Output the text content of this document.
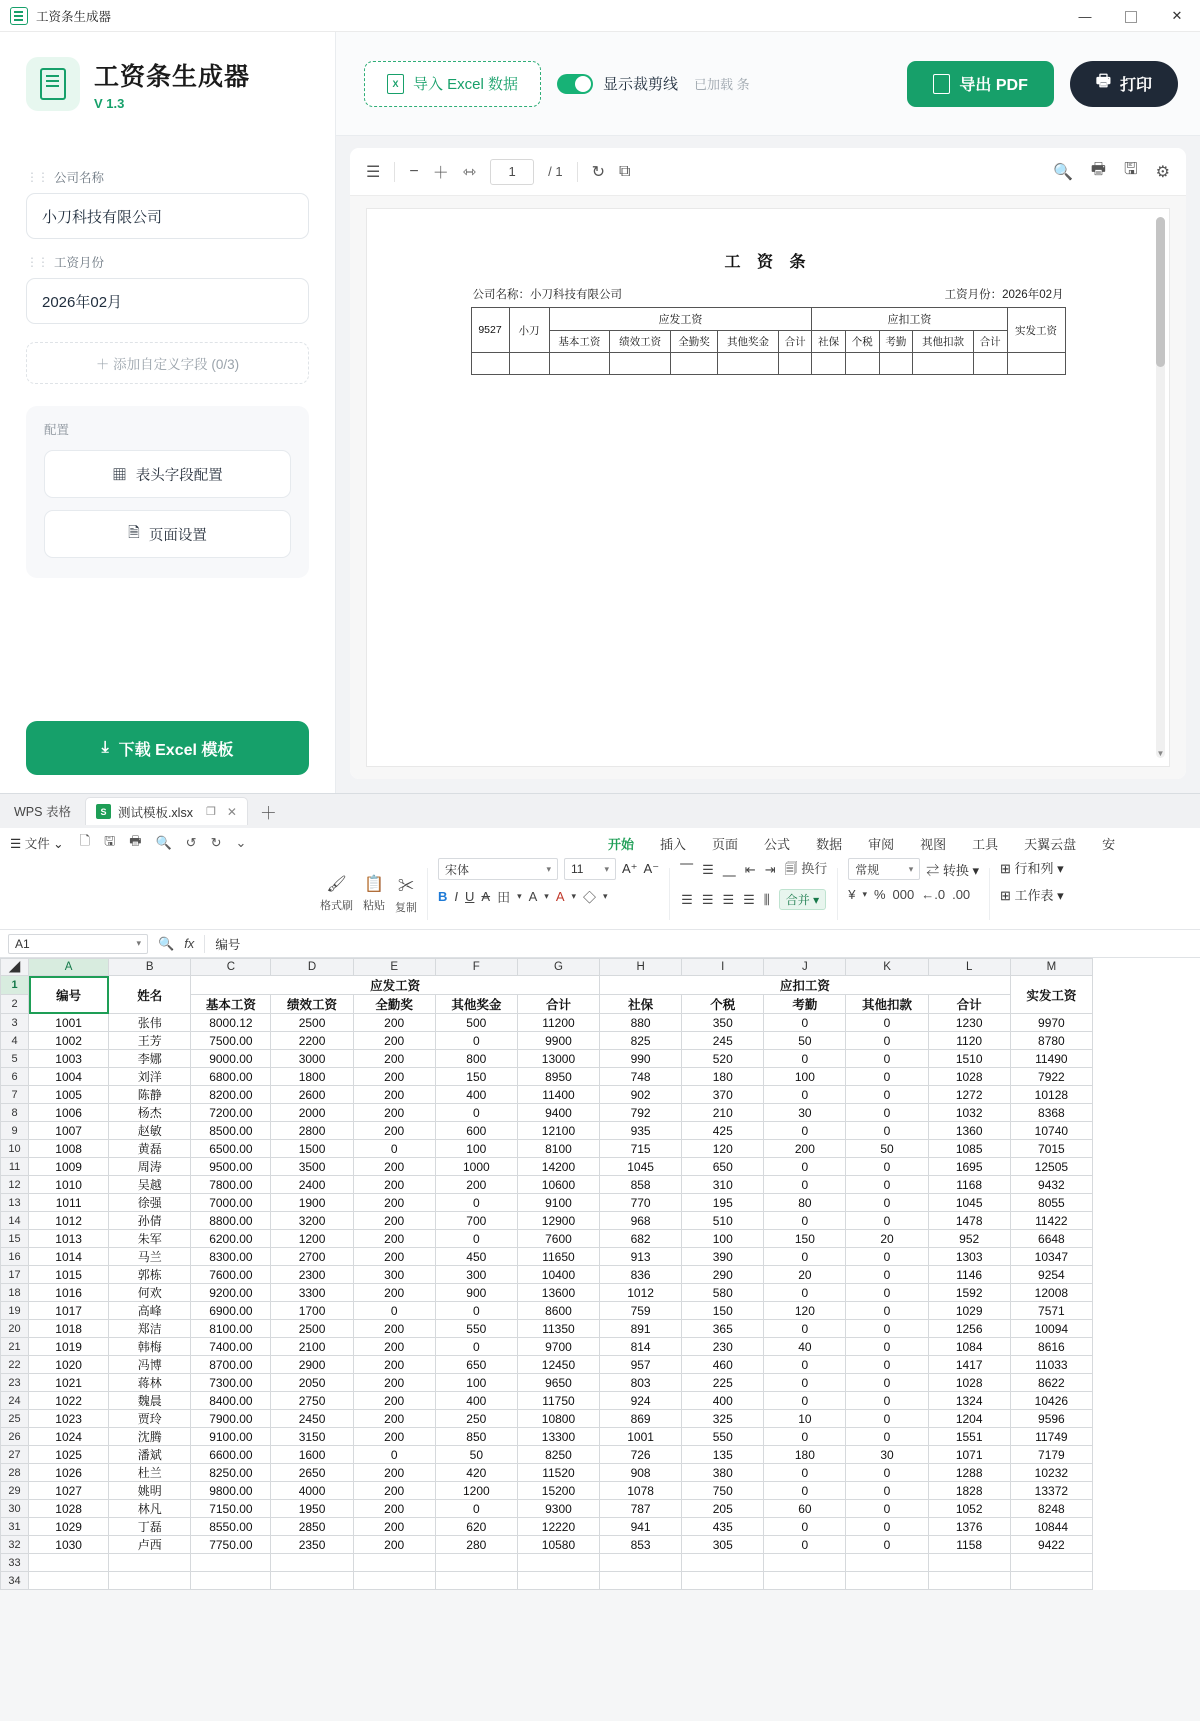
工资条生成器	—	▢	✕
工资条生成器
V 1.3
X 导入 Excel 数据	显示裁剪线 已加载 条	导出 PDF	🖶 打印
⋮⋮ 公司名称
小刀科技有限公司
⋮⋮ 工资月份
2026年02月
＋ 添加自定义字段 (0/3)
配置
▦ 表头字段配置
🗎 页面设置
⤓ 下载 Excel 模板
☰ − ＋ ⇿	1	/ 1 ↻ ⧉	🔍 🖶 🖫 ⚙
工 资 条
公司名称：小刀科技有限公司	工资月份：2026年02月
9527	小刀	应发工资					应扣工资					实发工资
		基本工资	绩效工资	全勤奖	其他奖金	合计	社保	个税	考勤	其他扣款	合计	

▼
WPS 表格	S 测试模板.xlsx ❐ ✕	＋
☰ 文件 ⌄ 🗋 🖫 🖶 🔍 ↺ ↻ ⌄	开始 插入 页面 公式 数据 审阅 视图 工具 天翼云盘 安
🖌
格式刷
📋
粘贴
✂
复制
宋体	▾ 11	▾ A⁺ A⁻
B I U A 田 ▾ A ▾ A ▾ ◇ ▾
⎺ ☰ ⎽ ⇤ ⇥ 🗐 换行
☰ ☰ ☰ ☰ ⫼	合并 ▾
常规	▾ ⇄ 转换 ▾
¥ ▾ % 000 ←.0 .00
⊞ 行和列 ▾
⊞ 工作表 ▾
A1	▾ 🔍 fx	编号
◢	A	B	C	D	E	F	G	H	I	J	K	L	M
1	编号	姓名	应发工资					应扣工资					实发工资
2			基本工资	绩效工资	全勤奖	其他奖金	合计	社保	个税	考勤	其他扣款	合计	
3	1001	张伟	8000.12	2500	200	500	11200	880	350	0	0	1230	9970
4	1002	王芳	7500.00	2200	200	0	9900	825	245	50	0	1120	8780
5	1003	李娜	9000.00	3000	200	800	13000	990	520	0	0	1510	11490
6	1004	刘洋	6800.00	1800	200	150	8950	748	180	100	0	1028	7922
7	1005	陈静	8200.00	2600	200	400	11400	902	370	0	0	1272	10128
8	1006	杨杰	7200.00	2000	200	0	9400	792	210	30	0	1032	8368
9	1007	赵敏	8500.00	2800	200	600	12100	935	425	0	0	1360	10740
10	1008	黄磊	6500.00	1500	0	100	8100	715	120	200	50	1085	7015
11	1009	周涛	9500.00	3500	200	1000	14200	1045	650	0	0	1695	12505
12	1010	吴越	7800.00	2400	200	200	10600	858	310	0	0	1168	9432
13	1011	徐强	7000.00	1900	200	0	9100	770	195	80	0	1045	8055
14	1012	孙倩	8800.00	3200	200	700	12900	968	510	0	0	1478	11422
15	1013	朱军	6200.00	1200	200	0	7600	682	100	150	20	952	6648
16	1014	马兰	8300.00	2700	200	450	11650	913	390	0	0	1303	10347
17	1015	郭栋	7600.00	2300	300	300	10400	836	290	20	0	1146	9254
18	1016	何欢	9200.00	3300	200	900	13600	1012	580	0	0	1592	12008
19	1017	高峰	6900.00	1700	0	0	8600	759	150	120	0	1029	7571
20	1018	郑洁	8100.00	2500	200	550	11350	891	365	0	0	1256	10094
21	1019	韩梅	7400.00	2100	200	0	9700	814	230	40	0	1084	8616
22	1020	冯博	8700.00	2900	200	650	12450	957	460	0	0	1417	11033
23	1021	蒋林	7300.00	2050	200	100	9650	803	225	0	0	1028	8622
24	1022	魏晨	8400.00	2750	200	400	11750	924	400	0	0	1324	10426
25	1023	贾玲	7900.00	2450	200	250	10800	869	325	10	0	1204	9596
26	1024	沈腾	9100.00	3150	200	850	13300	1001	550	0	0	1551	11749
27	1025	潘斌	6600.00	1600	0	50	8250	726	135	180	30	1071	7179
28	1026	杜兰	8250.00	2650	200	420	11520	908	380	0	0	1288	10232
29	1027	姚明	9800.00	4000	200	1200	15200	1078	750	0	0	1828	13372
30	1028	林凡	7150.00	1950	200	0	9300	787	205	60	0	1052	8248
31	1029	丁磊	8550.00	2850	200	620	12220	941	435	0	0	1376	10844
32	1030	卢西	7750.00	2350	200	280	10580	853	305	0	0	1158	9422
33													
34													
